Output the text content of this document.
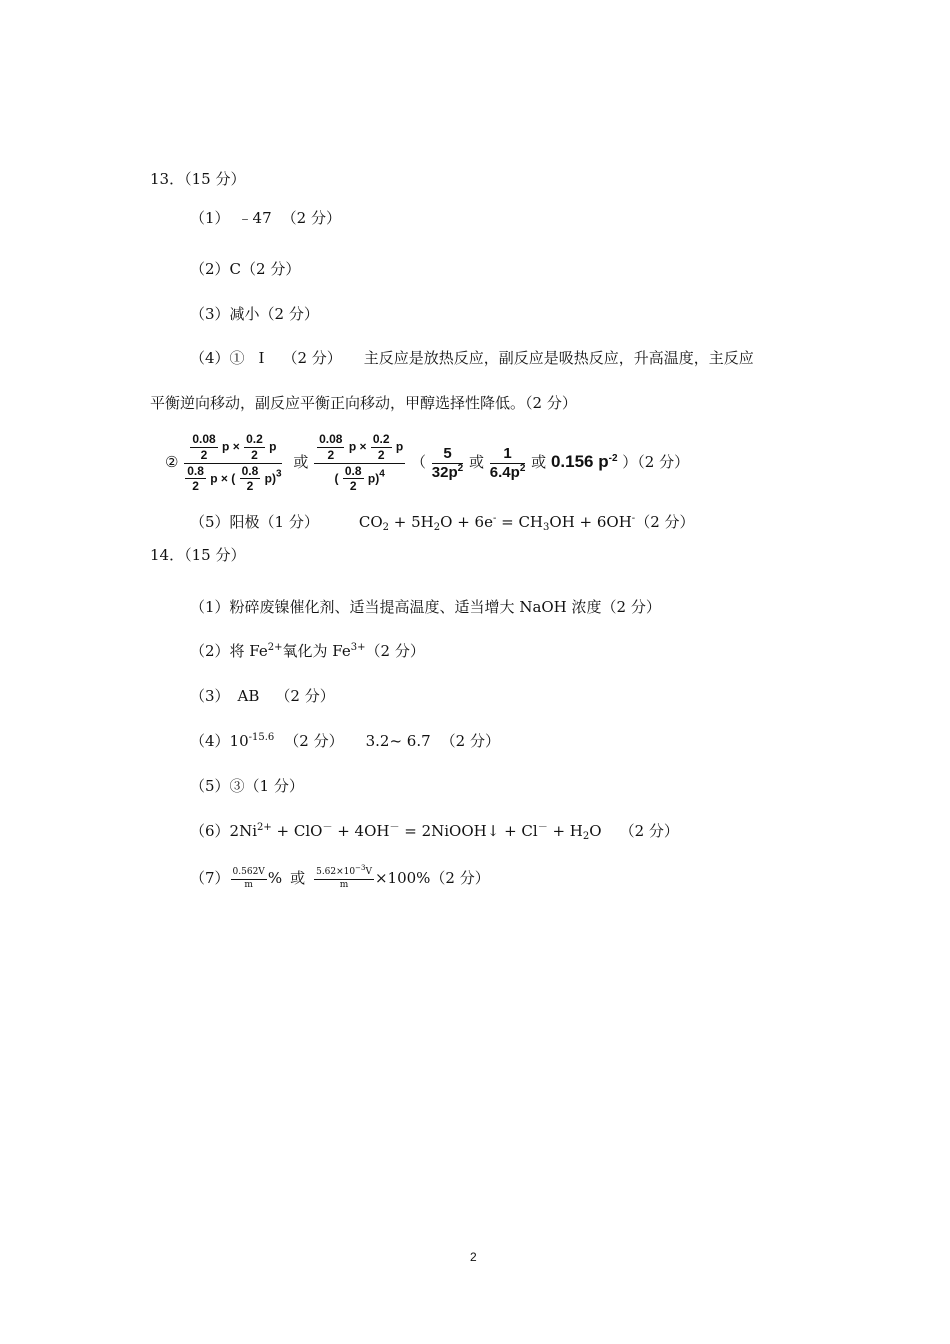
13．（15 分）
（1） ﹣47 （2 分）
（2）C（2 分）
（3）减小（2 分）
（4）① I （2 分） 主反应是放热反应，副反应是吸热反应，升高温度，主反应
平衡逆向移动，副反应平衡正向移动，甲醇选择性降低。（2 分）
② $\frac{\frac{0.08}{2} p \times \frac{0.2}{2} p}{\frac{0.8}{2} p \times ( \frac{0.8}{2} p)^3}$ 或 $\frac{\frac{0.08}{2} p \times \frac{0.2}{2} p}{( \frac{0.8}{2} p)^4}$ （ $\frac{5}{32p^2}$ 或 $\frac{1}{6.4p^2}$ 或 0.156 $p^{-2}$ ）（2 分）
（5）阳极（1 分）	$CO_2 + 5H_2O + 6e^- = CH_3OH + 6OH^-(2$ 分）
14．（15 分）
（1）粉碎废镍催化剂、适当提高温度、适当增大 NaOH 浓度（2 分）
（2）将 $Fe^{2+}$氧化为 $Fe^{3+}(2$ 分）
（3） AB （2 分）
$(4)10^{-15.6}$ （2 分） 3.2~ 6.7 （2 分）
（5）③（1 分）
$(6)2Ni^{2+} + ClO^- + 4OH^-$ = 2NiOOH↓ + $Cl^- + H_2O$ （2 分）
$(7) \frac{0.562V}{m}$ % 或 $\frac{5.62\times 10^{-3}V}{m} \times 100\%(2$ 分）
2
